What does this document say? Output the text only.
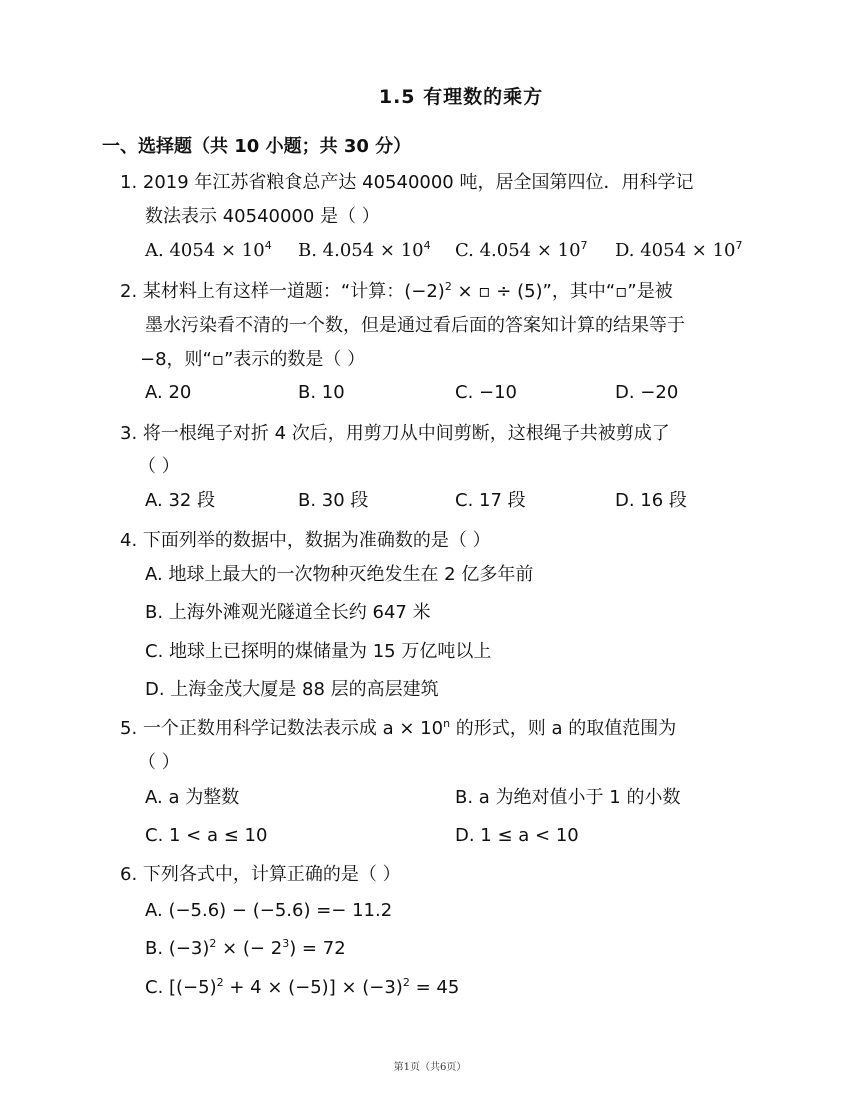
1.5 有理数的乘方
一、选择题（共 10 小题；共 30 分）
1. 2019 年江苏省粮食总产达 40540000 吨，居全国第四位．用科学记
数法表示 40540000 是（ ）
A. $4054 \times 10^4$ B. $4.054 \times 10^4$ C. $4.054 \times 10^7$ D. $4054 \times 10^7$
2. 某材料上有这样一道题：“计算：$(-2)^2$ × ▫ ÷ (5)”，其中“▫”是被
墨水污染看不清的一个数，但是通过看后面的答案知计算的结果等于
−8，则“▫”表示的数是（ ）
A. 20	B. 10	C. −10	D. −20
3. 将一根绳子对折 4 次后，用剪刀从中间剪断，这根绳子共被剪成了
（ ）
A. 32 段	B. 30 段	C. 17 段	D. 16 段
4. 下面列举的数据中，数据为准确数的是（ ）
A. 地球上最大的一次物种灭绝发生在 2 亿多年前
B. 上海外滩观光隧道全长约 647 米
C. 地球上已探明的煤储量为 15 万亿吨以上
D. 上海金茂大厦是 88 层的高层建筑
5. 一个正数用科学记数法表示成 $a \times 10^n$ 的形式，则 a 的取值范围为
（ ）
A. a 为整数	B. a 为绝对值小于 1 的小数
C. 1 < a ≤ 10	D. 1 ≤ a < 10
6. 下列各式中，计算正确的是（ ）
A. (−5.6) − (−5.6) =− 11.2
B. $(-3)^2$ × (− $2^3) = 72$
C. $[(-5)^2 + 4 \times (-5)] \times (-3)^2 = 45$
第1页（共6页）
